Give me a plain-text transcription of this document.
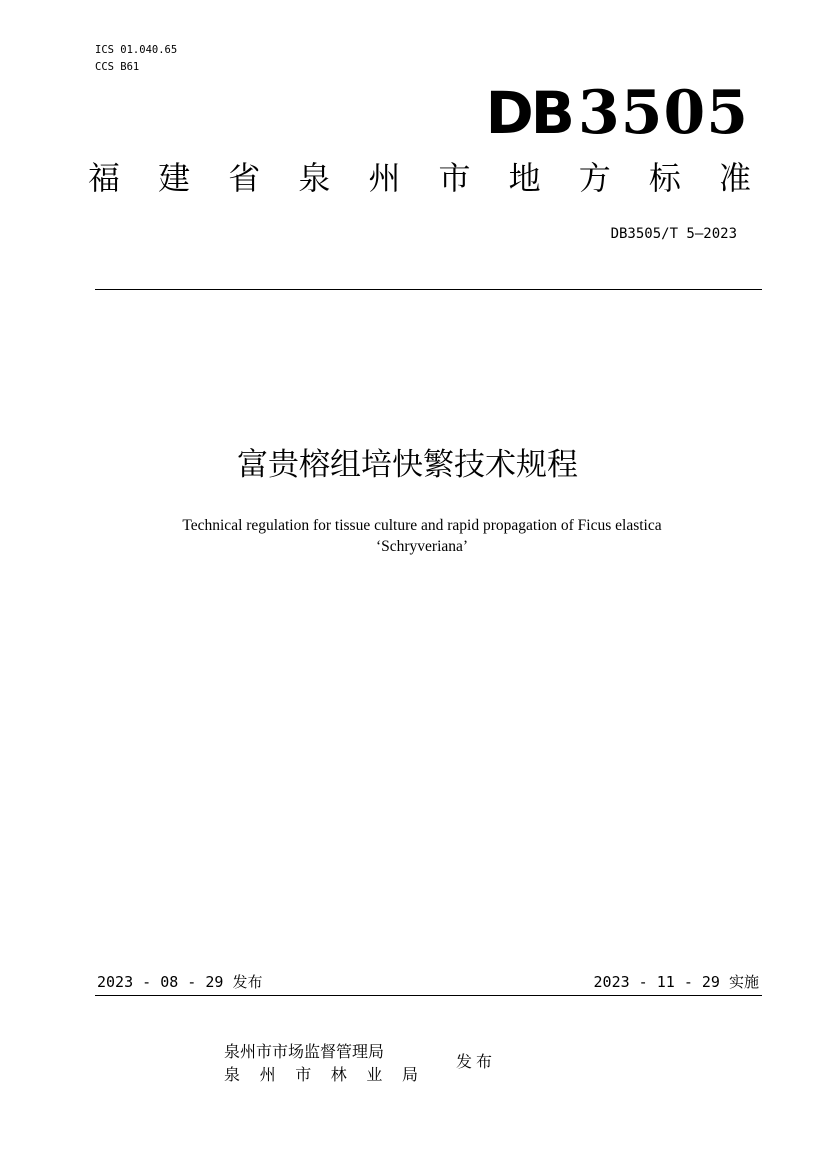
ICS 01.040.65
CCS B61
DB 3505
福 建 省 泉 州 市 地 方 标 准
DB3505/T 5—2023
富贵榕组培快繁技术规程
Technical regulation for tissue culture and rapid propagation of Ficus elastica
‘Schryveriana’
2023 - 08 - 29 发布	2023 - 11 - 29 实施
泉州市市场监督管理局
泉 州 市 林 业 局
发布
